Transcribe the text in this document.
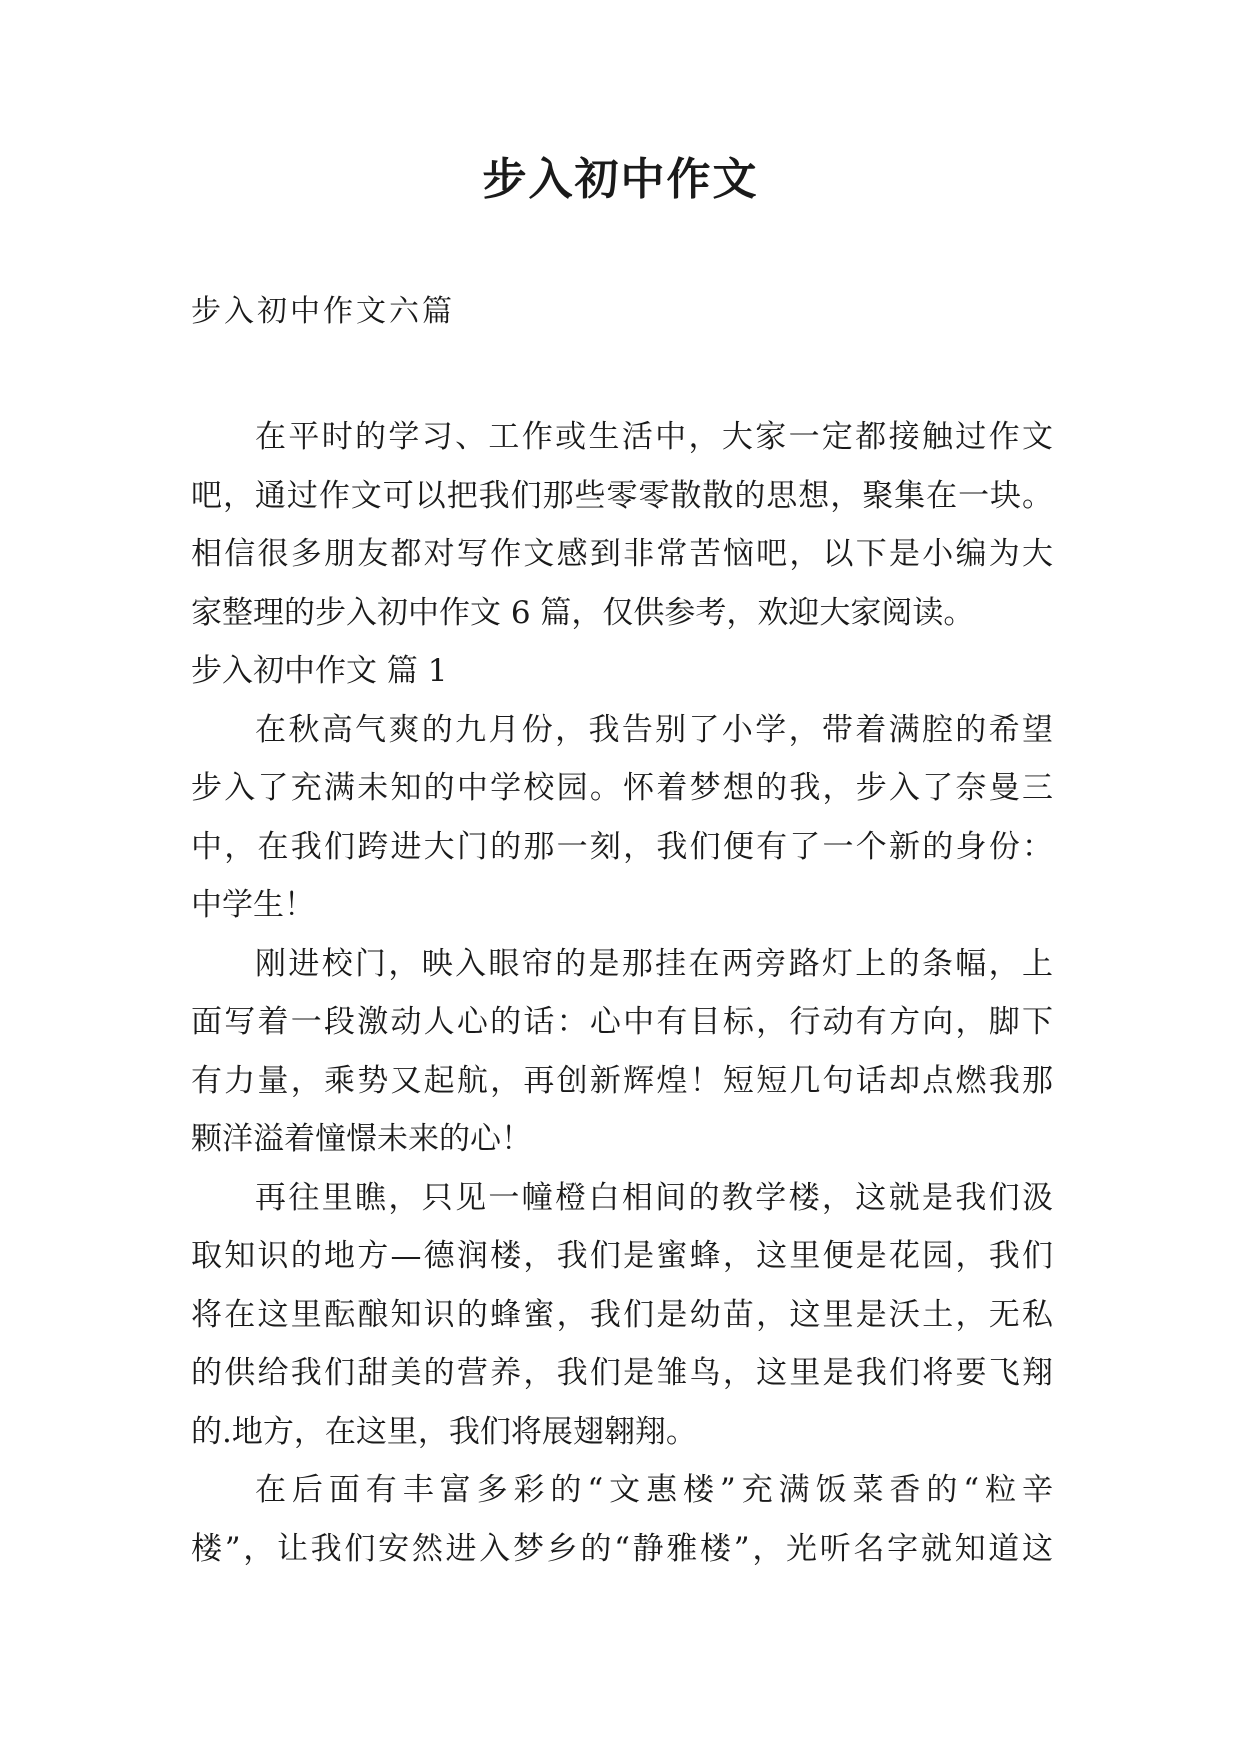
步入初中作文
步入初中作文六篇
在平时的学习、工作或生活中，大家一定都接触过作文
吧，通过作文可以把我们那些零零散散的思想，聚集在一块。
相信很多朋友都对写作文感到非常苦恼吧，以下是小编为大
家整理的步入初中作文 6 篇，仅供参考，欢迎大家阅读。
步入初中作文 篇 1
在秋高气爽的九月份，我告别了小学，带着满腔的希望
步入了充满未知的中学校园。怀着梦想的我，步入了奈曼三
中，在我们跨进大门的那一刻，我们便有了一个新的身份：
中学生！
刚进校门，映入眼帘的是那挂在两旁路灯上的条幅，上
面写着一段激动人心的话：心中有目标，行动有方向，脚下
有力量，乘势又起航，再创新辉煌！短短几句话却点燃我那
颗洋溢着憧憬未来的心！
再往里瞧，只见一幢橙白相间的教学楼，这就是我们汲
取知识的地方—德润楼，我们是蜜蜂，这里便是花园，我们
将在这里酝酿知识的蜂蜜，我们是幼苗，这里是沃土，无私
的供给我们甜美的营养，我们是雏鸟，这里是我们将要飞翔
的.地方，在这里，我们将展翅翱翔。
在后面有丰富多彩的“文惠楼”充满饭菜香的“粒辛
楼”，让我们安然进入梦乡的“静雅楼”，光听名字就知道这
